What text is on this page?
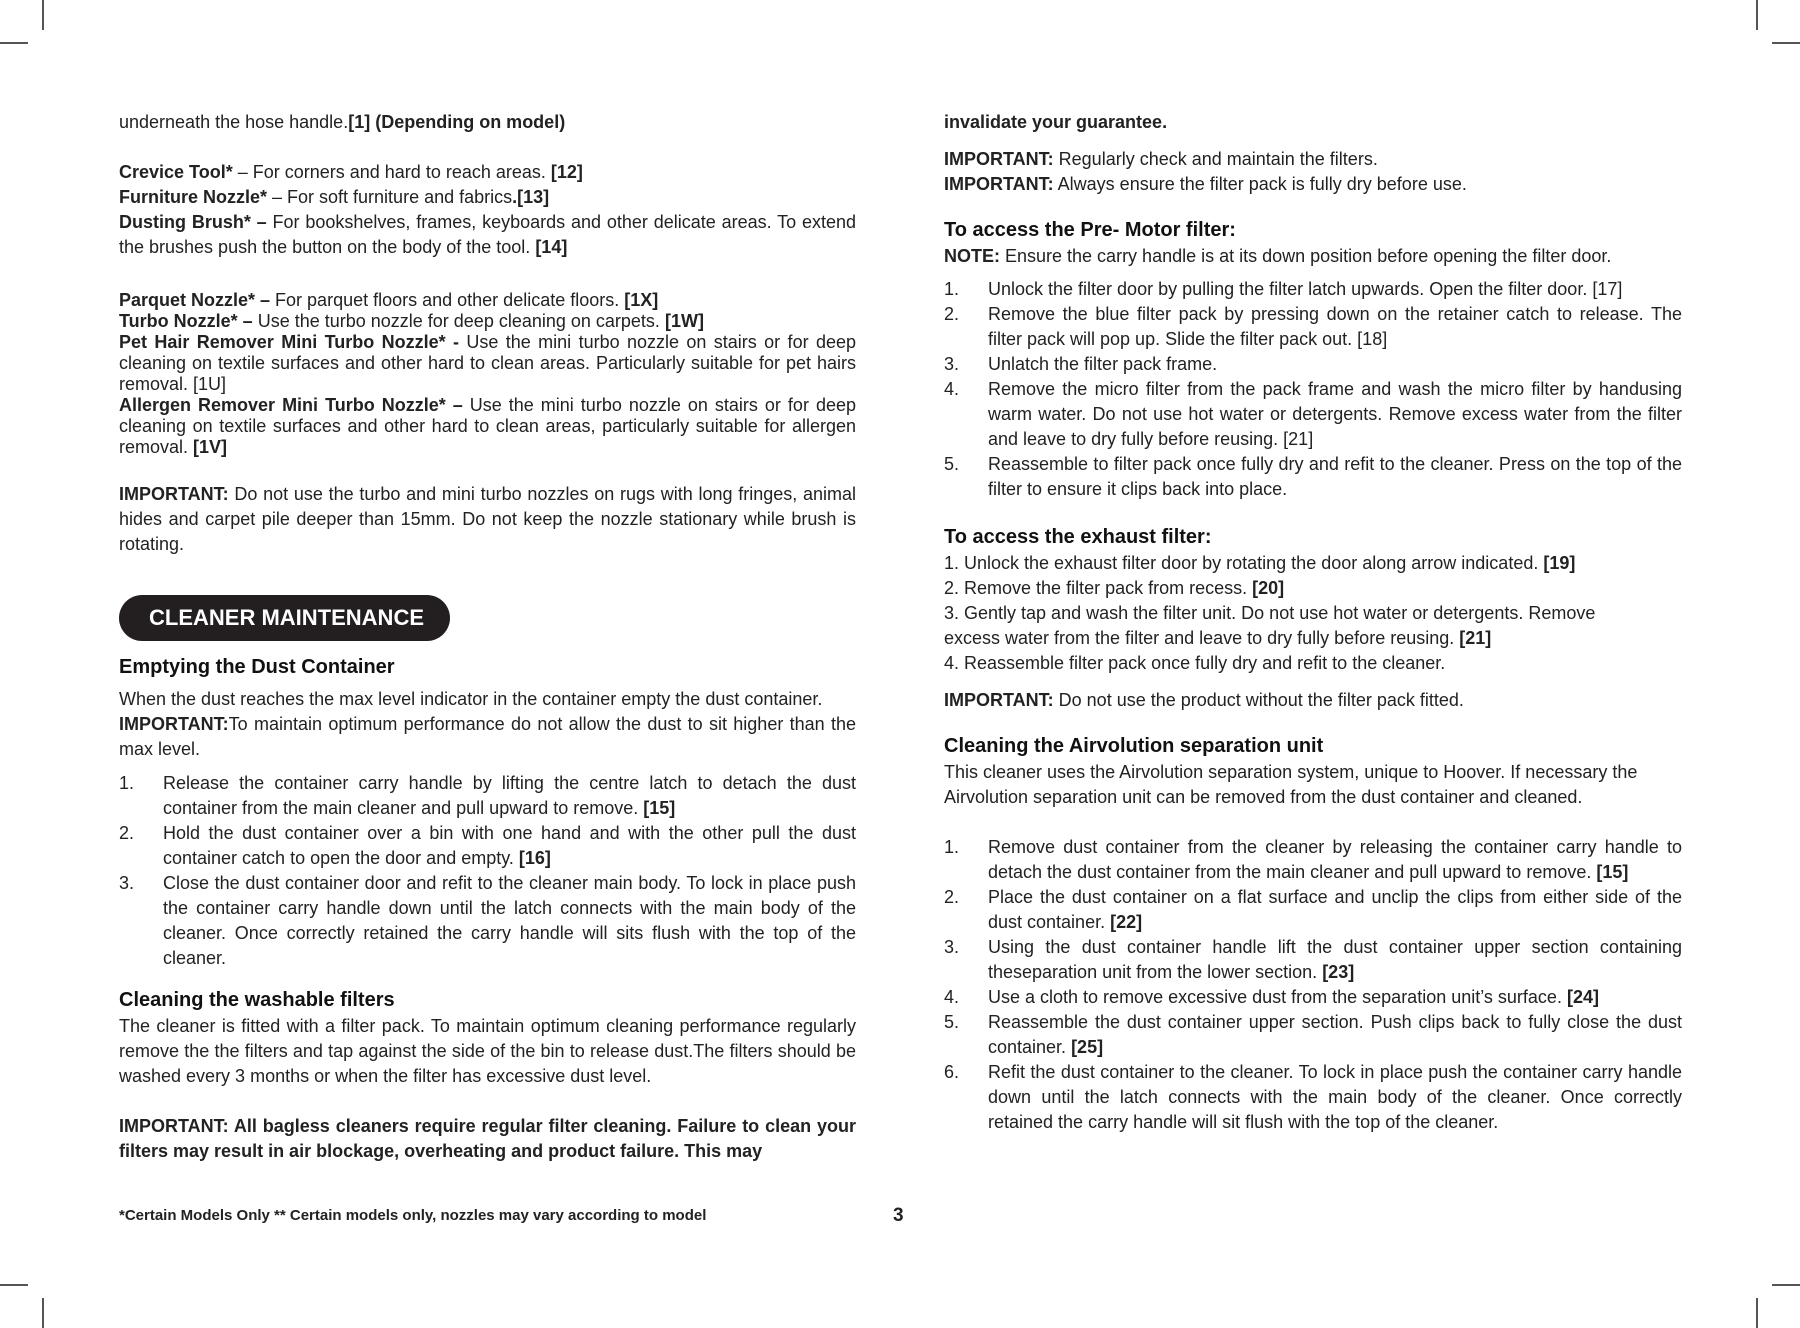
underneath the hose handle.[1] (Depending on model)

Crevice Tool* – For corners and hard to reach areas. [12]

Furniture Nozzle* – For soft furniture and fabrics.[13]

Dusting Brush* – For bookshelves, frames, keyboards and other delicate areas. To extend the brushes push the button on the body of the tool. [14]

Parquet Nozzle* – For parquet floors and other delicate floors. [1X]

Turbo Nozzle* – Use the turbo nozzle for deep cleaning on carpets. [1W]

Pet Hair Remover Mini Turbo Nozzle* - Use the mini turbo nozzle on stairs or for deep cleaning on textile surfaces and other hard to clean areas. Particularly suitable for pet hairs removal. [1U]

Allergen Remover Mini Turbo Nozzle* – Use the mini turbo nozzle on stairs or for deep cleaning on textile surfaces and other hard to clean areas, particularly suitable for allergen removal. [1V]

IMPORTANT: Do not use the turbo and mini turbo nozzles on rugs with long fringes, animal hides and carpet pile deeper than 15mm. Do not keep the nozzle stationary while brush is rotating.

CLEANER MAINTENANCE

Emptying the Dust Container

When the dust reaches the max level indicator in the container empty the dust container.

IMPORTANT:To maintain optimum performance do not allow the dust to sit higher than the max level.

1. Release the container carry handle by lifting the centre latch to detach the dust container from the main cleaner and pull upward to remove. [15]
2. Hold the dust container over a bin with one hand and with the other pull the dust container catch to open the door and empty. [16]
3. Close the dust container door and refit to the cleaner main body. To lock in place push the container carry handle down until the latch connects with the main body of the cleaner. Once correctly retained the carry handle will sits flush with the top of the cleaner.

Cleaning the washable filters

The cleaner is fitted with a filter pack. To maintain optimum cleaning performance regularly remove the the filters and tap against the side of the bin to release dust.The filters should be washed every 3 months or when the filter has excessive dust level.

IMPORTANT: All bagless cleaners require regular filter cleaning. Failure to clean your filters may result in air blockage, overheating and product failure. This may

invalidate your guarantee.

IMPORTANT: Regularly check and maintain the filters.

IMPORTANT: Always ensure the filter pack is fully dry before use.

To access the Pre- Motor filter:

NOTE: Ensure the carry handle is at its down position before opening the filter door.

1. Unlock the filter door by pulling the filter latch upwards. Open the filter door. [17]
2. Remove the blue filter pack by pressing down on the retainer catch to release. The filter pack will pop up. Slide the filter pack out. [18]
3. Unlatch the filter pack frame.
4. Remove the micro filter from the pack frame and wash the micro filter by handusing warm water. Do not use hot water or detergents. Remove excess water from the filter and leave to dry fully before reusing. [21]
5. Reassemble to filter pack once fully dry and refit to the cleaner. Press on the top of the filter to ensure it clips back into place.

To access the exhaust filter:

1. Unlock the exhaust filter door by rotating the door along arrow indicated. [19]

2. Remove the filter pack from recess. [20]

3. Gently tap and wash the filter unit. Do not use hot water or detergents. Remove

excess water from the filter and leave to dry fully before reusing. [21]

4. Reassemble filter pack once fully dry and refit to the cleaner.

IMPORTANT: Do not use the product without the filter pack fitted.

Cleaning the Airvolution separation unit

This cleaner uses the Airvolution separation system, unique to Hoover. If necessary the Airvolution separation unit can be removed from the dust container and cleaned.

1. Remove dust container from the cleaner by releasing the container carry handle to detach the dust container from the main cleaner and pull upward to remove. [15]
2. Place the dust container on a flat surface and unclip the clips from either side of the dust container. [22]
3. Using the dust container handle lift the dust container upper section containing theseparation unit from the lower section. [23]
4. Use a cloth to remove excessive dust from the separation unit’s surface. [24]
5. Reassemble the dust container upper section. Push clips back to fully close the dust container. [25]
6. Refit the dust container to the cleaner. To lock in place push the container carry handle down until the latch connects with the main body of the cleaner. Once correctly retained the carry handle will sit flush with the top of the cleaner.
*Certain Models Only ** Certain models only, nozzles may vary according to model	3
